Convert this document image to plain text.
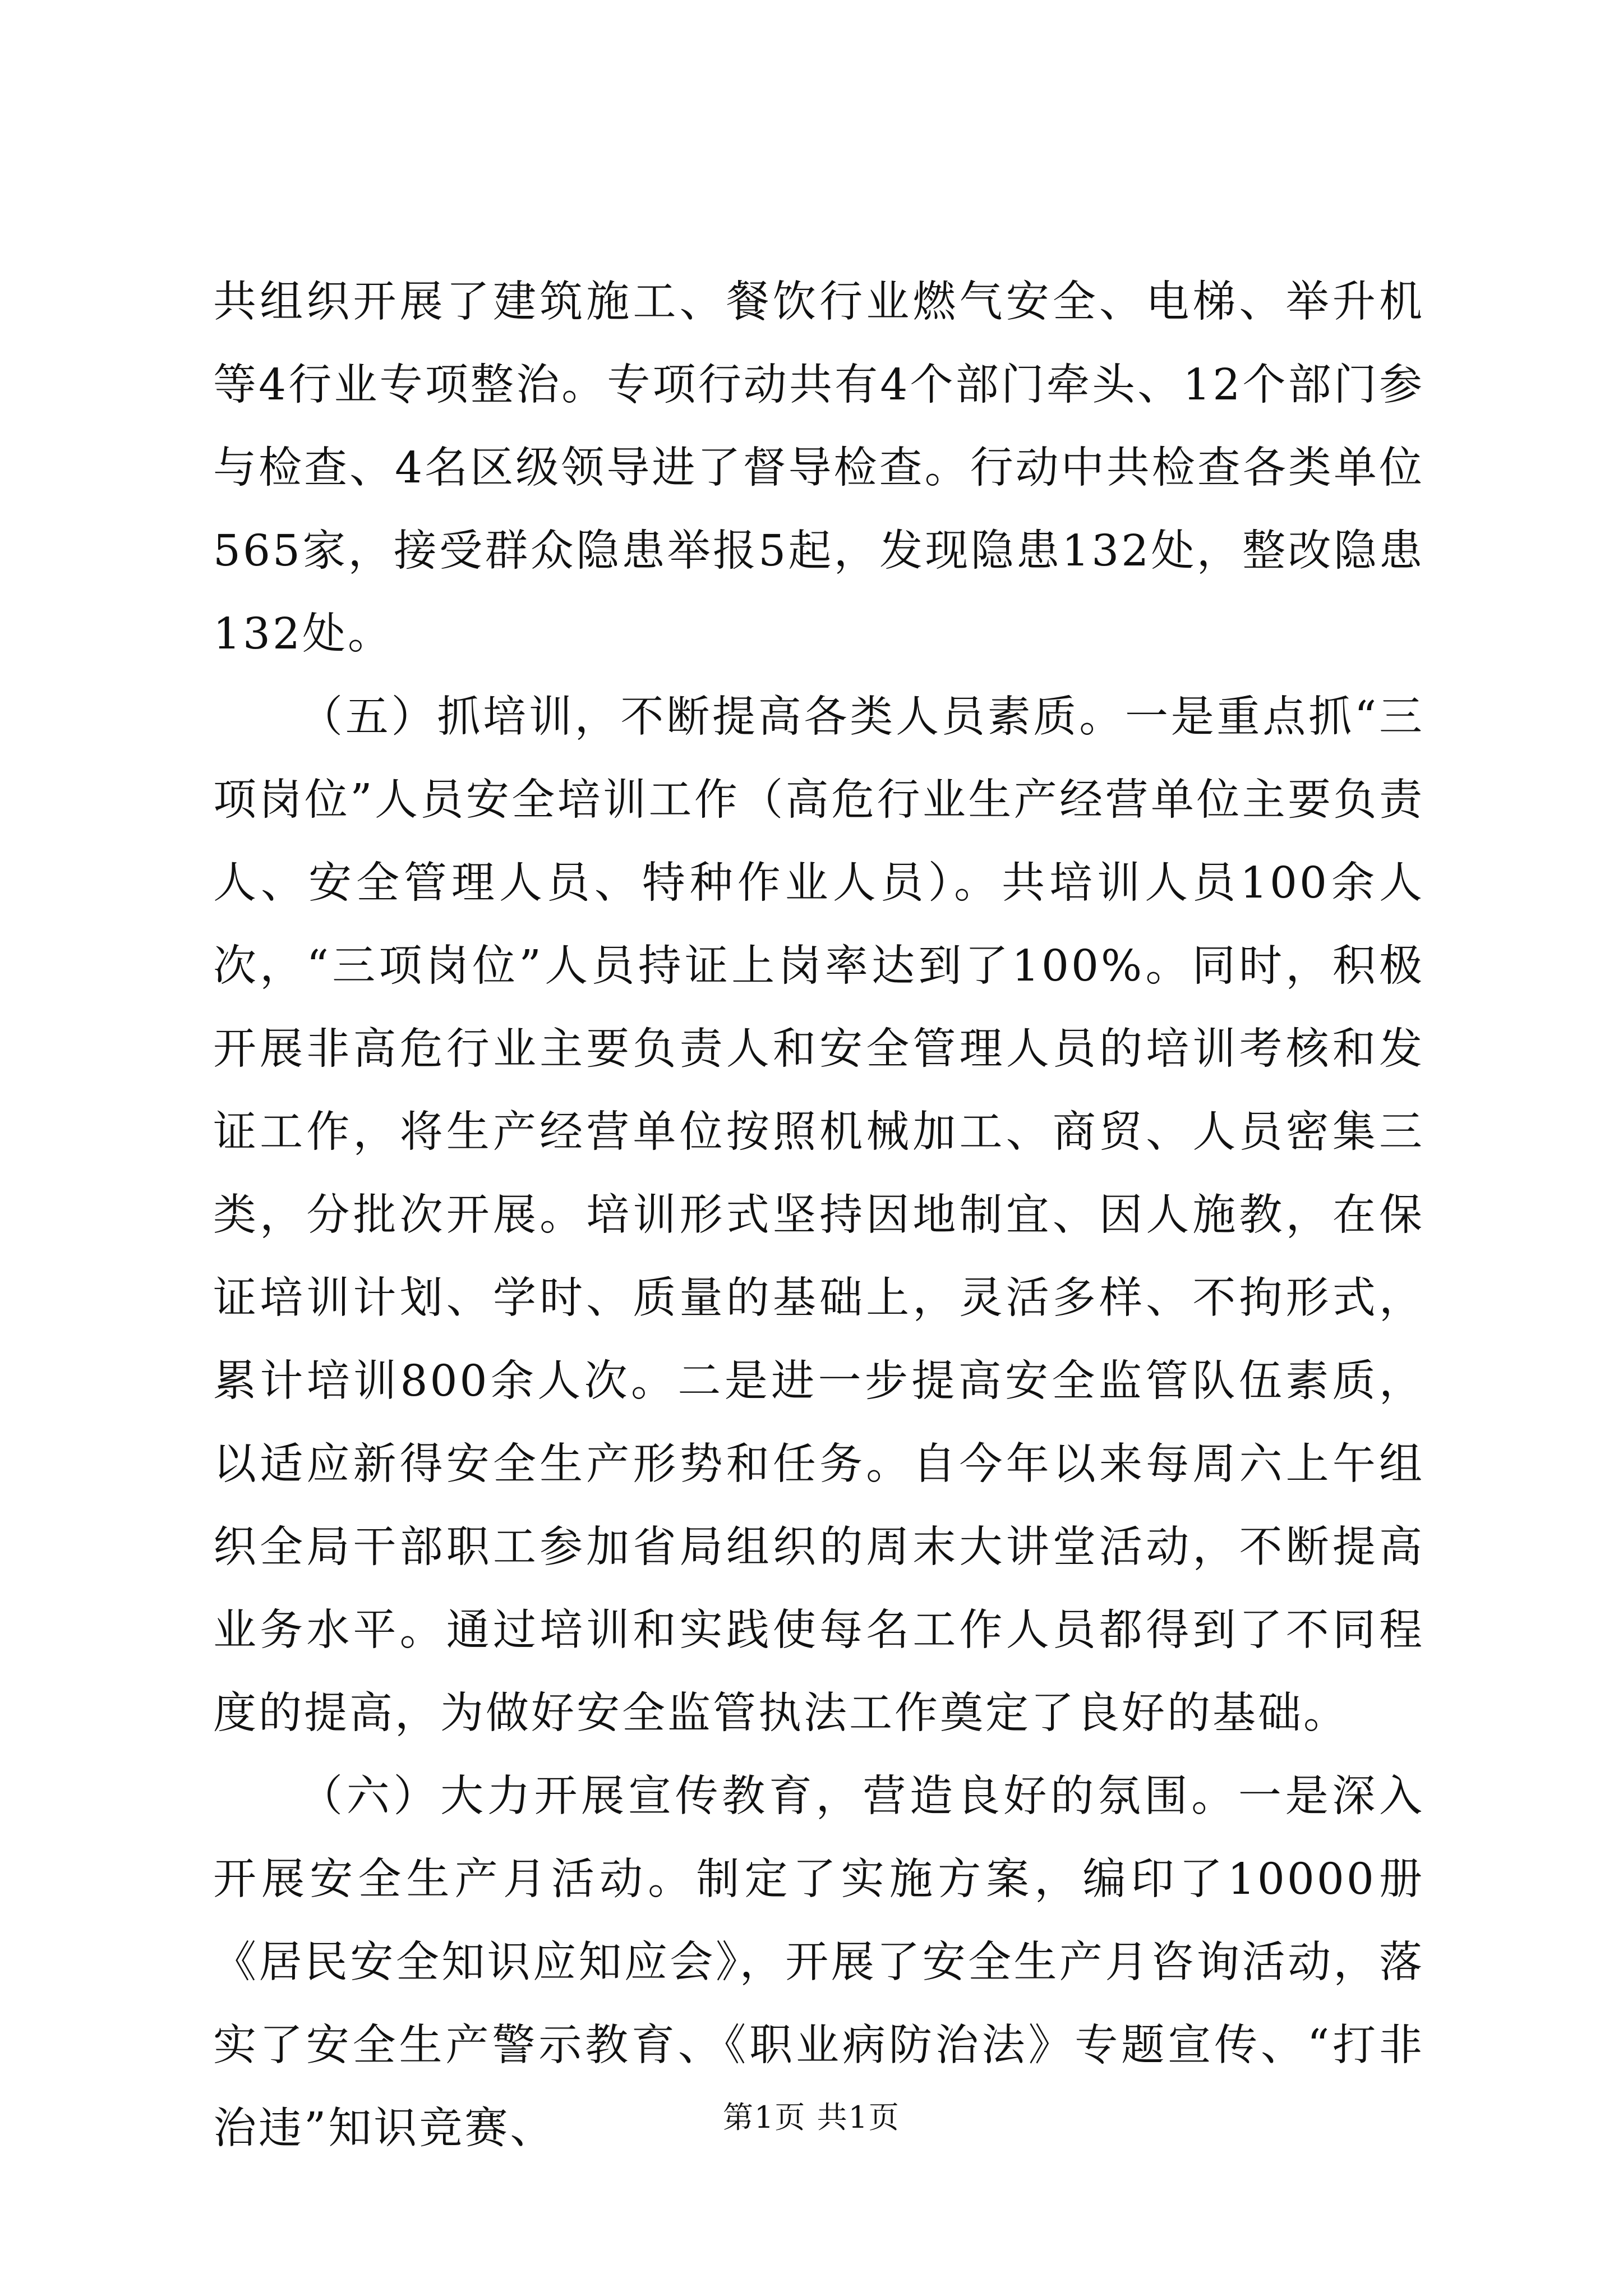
共组织开展了建筑施工、餐饮行业燃气安全、电梯、举升机等4行业专项整治。专项行动共有4个部门牵头、12个部门参与检查、4名区级领导进了督导检查。行动中共检查各类单位565家，接受群众隐患举报5起，发现隐患132处，整改隐患132处。

（五）抓培训，不断提高各类人员素质。一是重点抓“三项岗位”人员安全培训工作（高危行业生产经营单位主要负责人、安全管理人员、特种作业人员）。共培训人员100余人次，“三项岗位”人员持证上岗率达到了100%。同时，积极开展非高危行业主要负责人和安全管理人员的培训考核和发证工作，将生产经营单位按照机械加工、商贸、人员密集三类，分批次开展。培训形式坚持因地制宜、因人施教，在保证培训计划、学时、质量的基础上，灵活多样、不拘形式，累计培训800余人次。二是进一步提高安全监管队伍素质，以适应新得安全生产形势和任务。自今年以来每周六上午组织全局干部职工参加省局组织的周末大讲堂活动，不断提高业务水平。通过培训和实践使每名工作人员都得到了不同程度的提高，为做好安全监管执法工作奠定了良好的基础。

（六）大力开展宣传教育，营造良好的氛围。一是深入开展安全生产月活动。制定了实施方案，编印了10000册《居民安全知识应知应会》，开展了安全生产月咨询活动，落实了安全生产警示教育、《职业病防治法》专题宣传、“打非治违”知识竞赛、	第1页 共1页
